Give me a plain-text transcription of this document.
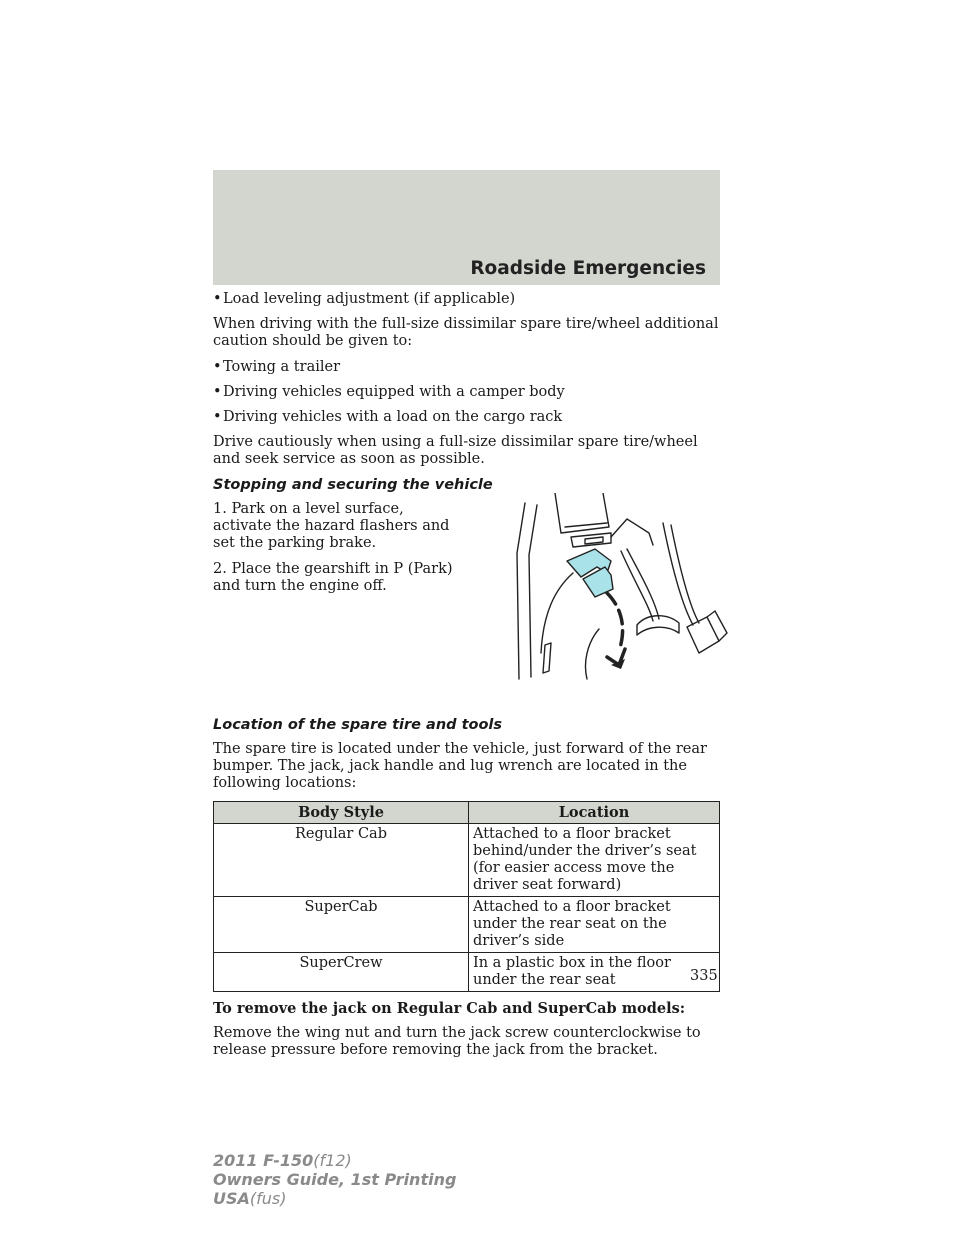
Roadside Emergencies
•Load leveling adjustment (if applicable)

When driving with the full-size dissimilar spare tire/wheel additional caution should be given to:

•Towing a trailer
•Driving vehicles equipped with a camper body
•Driving vehicles with a load on the cargo rack

Drive cautiously when using a full-size dissimilar spare tire/wheel and seek service as soon as possible.

Stopping and securing the vehicle

1. Park on a level surface, activate the hazard flashers and set the parking brake.

2. Place the gearshift in P (Park) and turn the engine off.

Location of the spare tire and tools

The spare tire is located under the vehicle, just forward of the rear bumper. The jack, jack handle and lug wrench are located in the following locations:

Body Style	Location
Regular Cab	Attached to a floor bracket behind/under the driver’s seat (for easier access move the driver seat forward)
SuperCab	Attached to a floor bracket under the rear seat on the driver’s side
SuperCrew	In a plastic box in the floor under the rear seat
To remove the jack on Regular Cab and SuperCab models:

Remove the wing nut and turn the jack screw counterclockwise to release pressure before removing the jack from the bracket.

335
2011 F-150(f12)
Owners Guide, 1st Printing
USA(fus)
